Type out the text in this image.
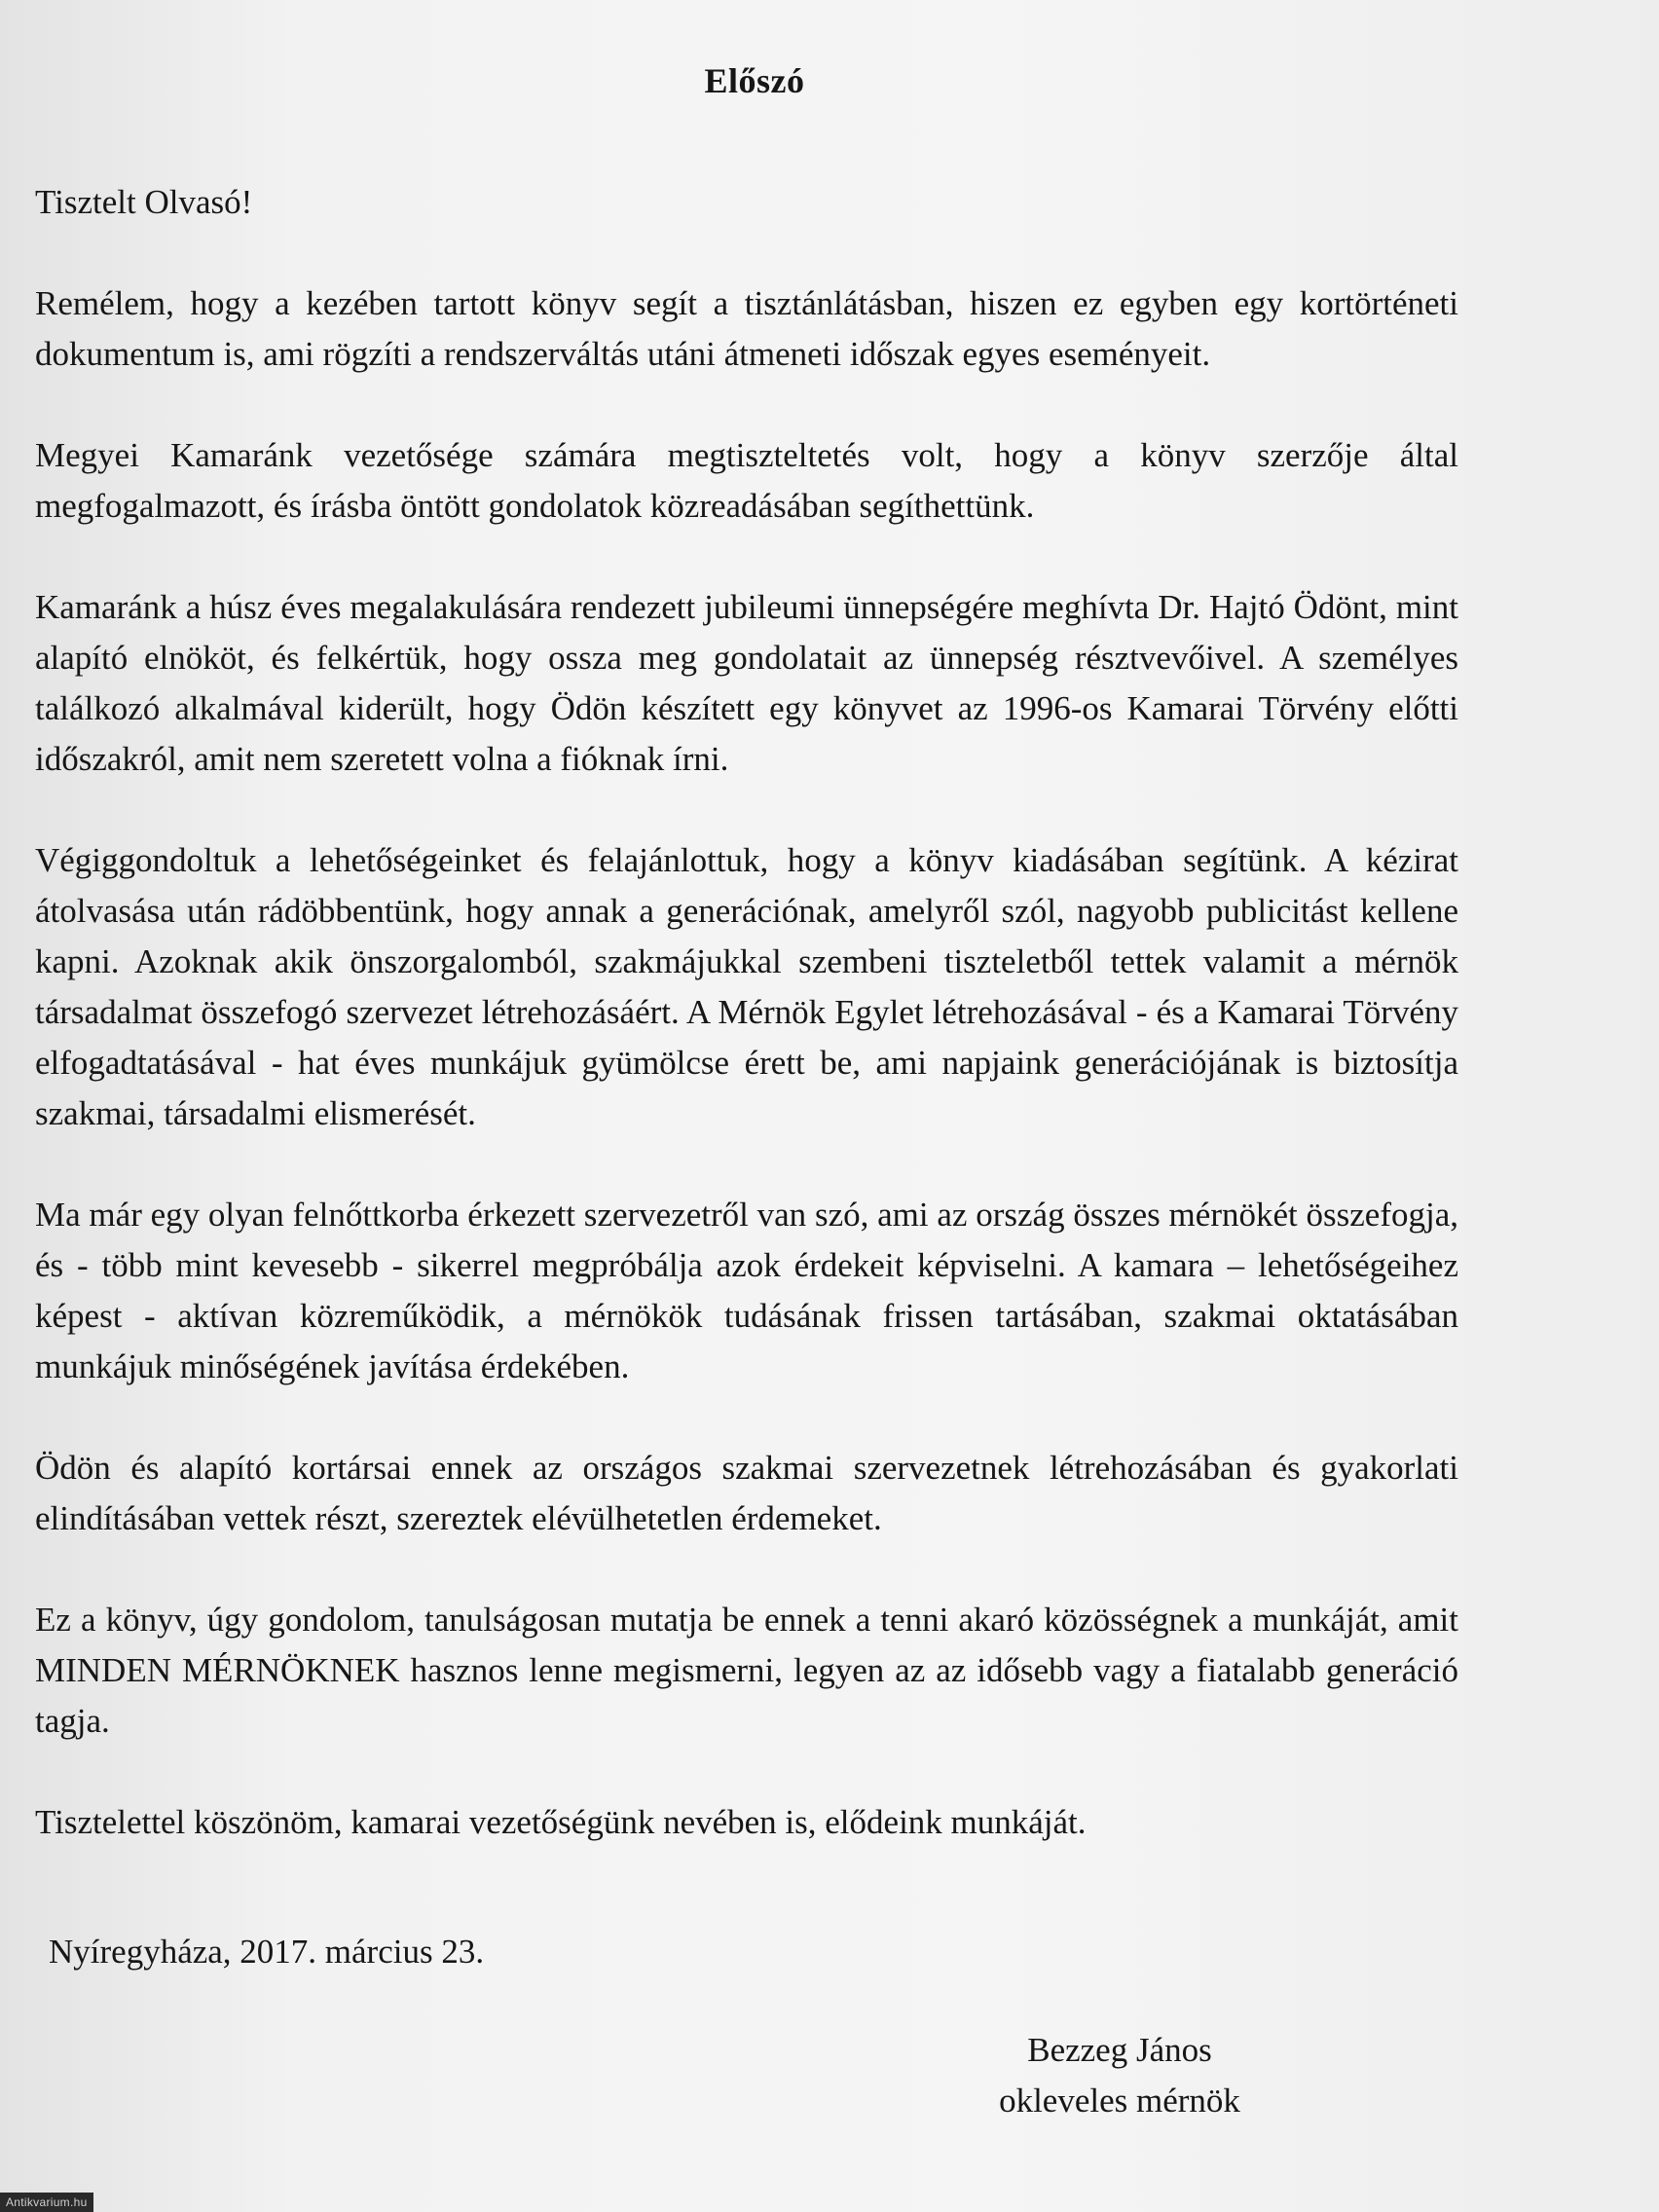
Előszó

Tisztelt Olvasó!

Remélem, hogy a kezében tartott könyv segít a tisztánlátásban, hiszen ez egyben egy kortörténeti dokumentum is, ami rögzíti a rendszerváltás utáni átmeneti időszak egyes eseményeit.

Megyei Kamaránk vezetősége számára megtiszteltetés volt, hogy a könyv szerzője által megfogalmazott, és írásba öntött gondolatok közreadásában segíthettünk.

Kamaránk a húsz éves megalakulására rendezett jubileumi ünnepségére meghívta Dr. Hajtó Ödönt, mint alapító elnököt, és felkértük, hogy ossza meg gondolatait az ünnepség résztvevőivel. A személyes találkozó alkalmával kiderült, hogy Ödön készített egy könyvet az 1996-os Kamarai Törvény előtti időszakról, amit nem szeretett volna a fióknak írni.

Végiggondoltuk a lehetőségeinket és felajánlottuk, hogy a könyv kiadásában segítünk. A kézirat átolvasása után rádöbbentünk, hogy annak a generációnak, amelyről szól, nagyobb publicitást kellene kapni. Azoknak akik önszorgalomból, szakmájukkal szembeni tiszteletből tettek valamit a mérnök társadalmat összefogó szervezet létrehozásáért. A Mérnök Egylet létrehozásával - és a Kamarai Törvény elfogadtatásával - hat éves munkájuk gyümölcse érett be, ami napjaink generációjának is biztosítja szakmai, társadalmi elismerését.

Ma már egy olyan felnőttkorba érkezett szervezetről van szó, ami az ország összes mérnökét összefogja, és - több mint kevesebb - sikerrel megpróbálja azok érdekeit képviselni. A kamara – lehetőségeihez képest - aktívan közreműködik, a mérnökök tudásának frissen tartásában, szakmai oktatásában munkájuk minőségének javítása érdekében.

Ödön és alapító kortársai ennek az országos szakmai szervezetnek létrehozásában és gyakorlati elindításában vettek részt, szereztek elévülhetetlen érdemeket.

Ez a könyv, úgy gondolom, tanulságosan mutatja be ennek a tenni akaró közösségnek a munkáját, amit MINDEN MÉRNÖKNEK hasznos lenne megismerni, legyen az az idősebb vagy a fiatalabb generáció tagja.

Tisztelettel köszönöm, kamarai vezetőségünk nevében is, elődeink munkáját.

Nyíregyháza, 2017. március 23.
Bezzeg János
okleveles mérnök
Antikvarium.hu
